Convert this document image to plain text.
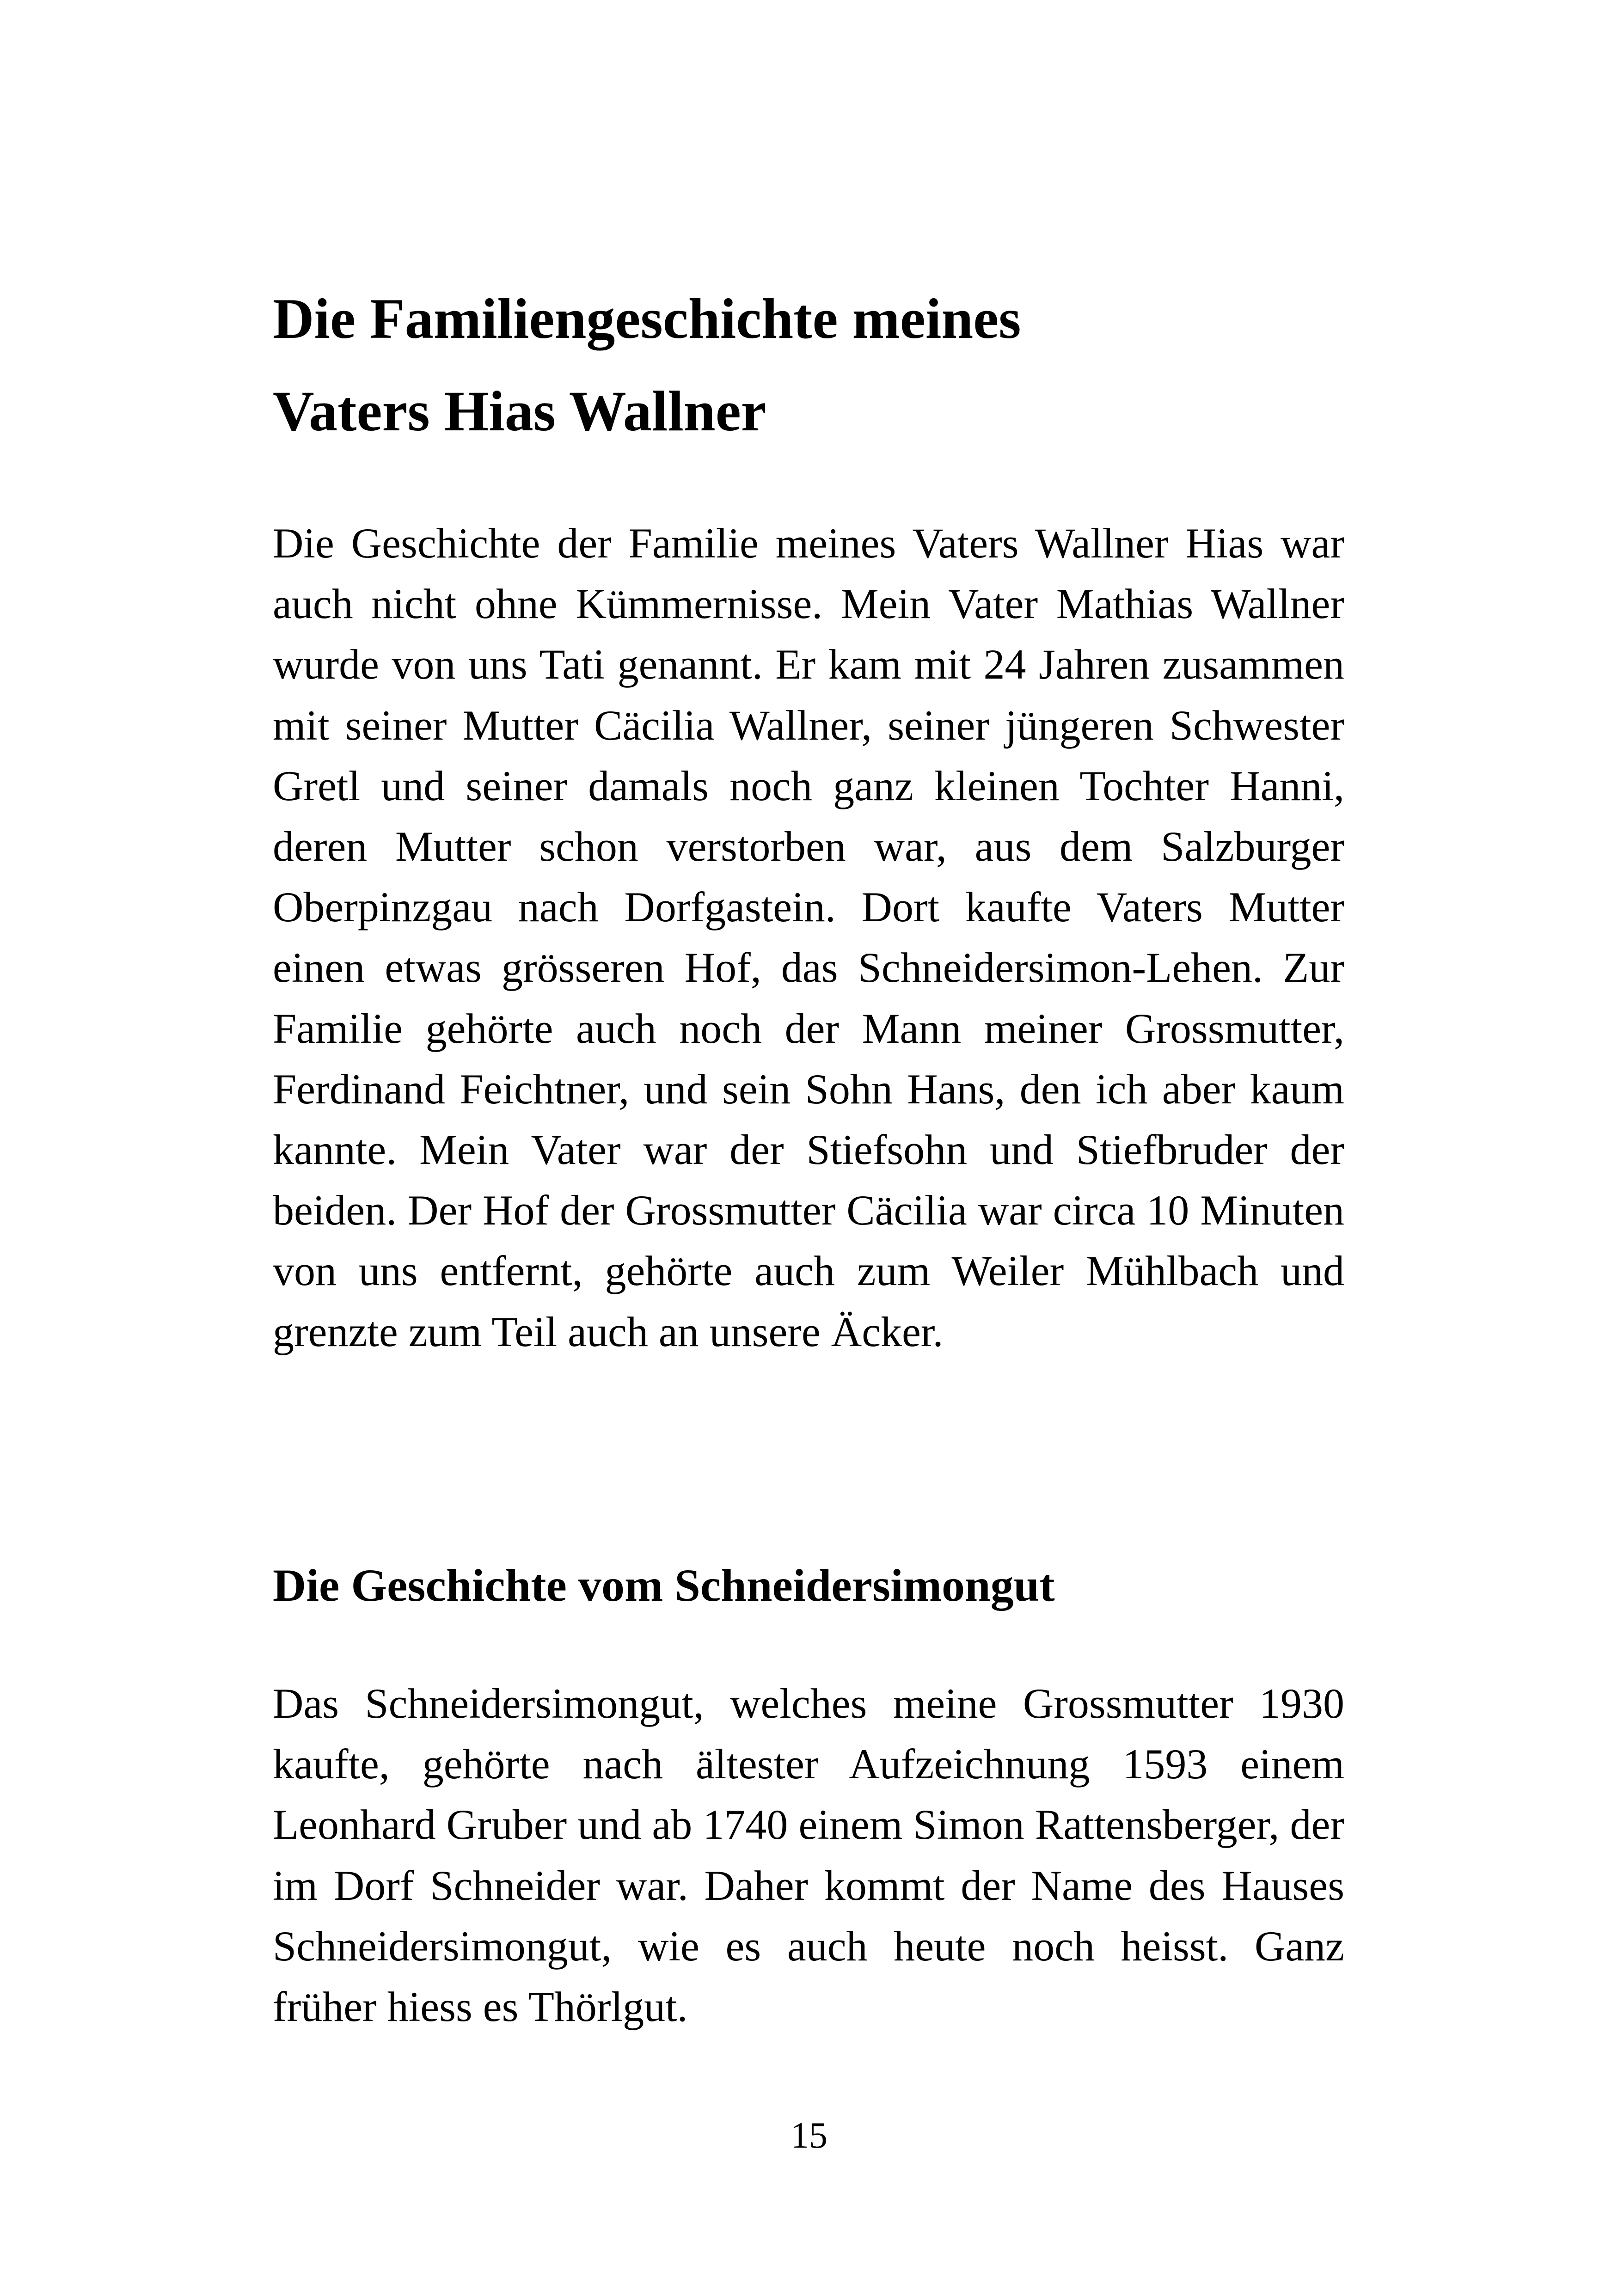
Die Familiengeschichte meines
Vaters Hias Wallner

Die Geschichte der Familie meines Vaters Wallner Hias war auch nicht ohne Kümmernisse. Mein Vater Mathias Wallner wurde von uns Tati genannt. Er kam mit 24 Jahren zusammen mit seiner Mutter Cäcilia Wallner, seiner jüngeren Schwester Gretl und seiner damals noch ganz kleinen Tochter Hanni, deren Mutter schon verstorben war, aus dem Salzburger Oberpinzgau nach Dorfgastein. Dort kaufte Vaters Mutter einen etwas grösseren Hof, das Schneidersimon-Lehen. Zur Familie gehörte auch noch der Mann meiner Grossmutter, Ferdinand Feichtner, und sein Sohn Hans, den ich aber kaum kannte. Mein Vater war der Stiefsohn und Stiefbruder der beiden. Der Hof der Grossmutter Cäcilia war circa 10 Minuten von uns entfernt, gehörte auch zum Weiler Mühlbach und grenzte zum Teil auch an unsere Äcker.

Die Geschichte vom Schneidersimongut

Das Schneidersimongut, welches meine Grossmutter 1930 kaufte, gehörte nach ältester Aufzeichnung 1593 einem Leonhard Gruber und ab 1740 einem Simon Rattensberger, der im Dorf Schneider war. Daher kommt der Name des Hauses Schneidersimongut, wie es auch heute noch heisst. Ganz früher hiess es Thörlgut.

15
